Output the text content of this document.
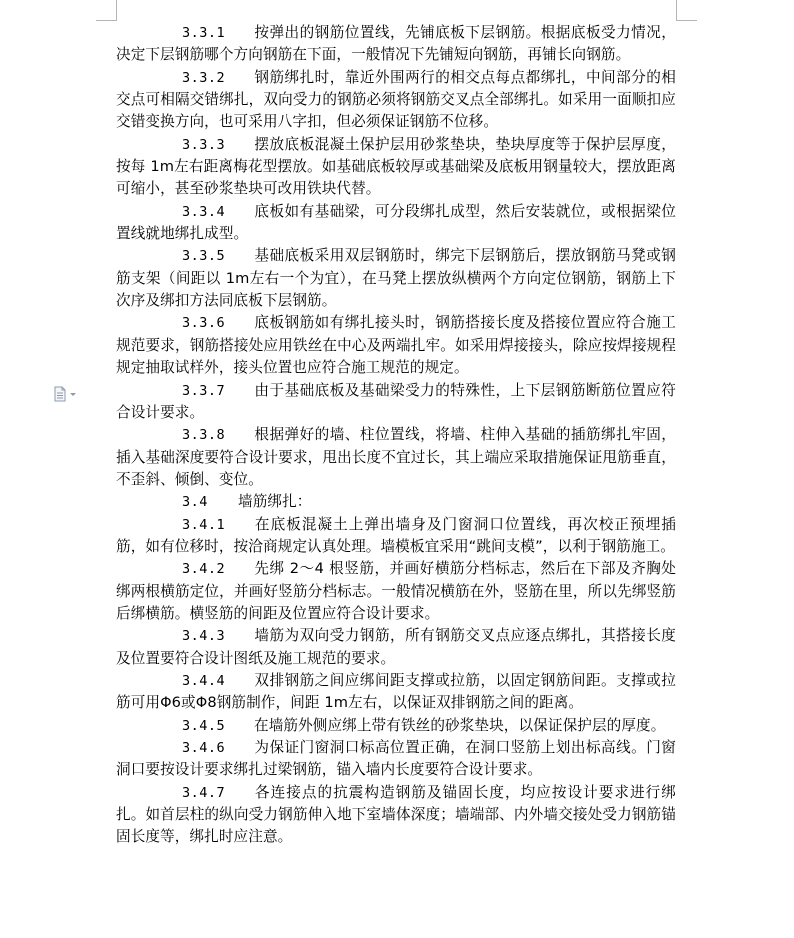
3.3.1 按弹出的钢筋位置线，先铺底板下层钢筋。根据底板受力情况，决定下层钢筋哪个方向钢筋在下面，一般情况下先铺短向钢筋，再铺长向钢筋。

3.3.2 钢筋绑扎时，靠近外围两行的相交点每点都绑扎，中间部分的相交点可相隔交错绑扎，双向受力的钢筋必须将钢筋交叉点全部绑扎。如采用一面顺扣应交错变换方向，也可采用八字扣，但必须保证钢筋不位移。

3.3.3 摆放底板混凝土保护层用砂浆垫块，垫块厚度等于保护层厚度，按每 1m左右距离梅花型摆放。如基础底板较厚或基础梁及底板用钢量较大，摆放距离可缩小，甚至砂浆垫块可改用铁块代替。

3.3.4 底板如有基础梁，可分段绑扎成型，然后安装就位，或根据梁位置线就地绑扎成型。

3.3.5 基础底板采用双层钢筋时，绑完下层钢筋后，摆放钢筋马凳或钢筋支架（间距以 1m左右一个为宜），在马凳上摆放纵横两个方向定位钢筋，钢筋上下次序及绑扣方法同底板下层钢筋。

3.3.6 底板钢筋如有绑扎接头时，钢筋搭接长度及搭接位置应符合施工规范要求，钢筋搭接处应用铁丝在中心及两端扎牢。如采用焊接接头，除应按焊接规程规定抽取试样外，接头位置也应符合施工规范的规定。

3.3.7 由于基础底板及基础梁受力的特殊性，上下层钢筋断筋位置应符合设计要求。

3.3.8 根据弹好的墙、柱位置线，将墙、柱伸入基础的插筋绑扎牢固，插入基础深度要符合设计要求，甩出长度不宜过长，其上端应采取措施保证甩筋垂直，不歪斜、倾倒、变位。

3.4 墙筋绑扎：

3.4.1 在底板混凝土上弹出墙身及门窗洞口位置线，再次校正预埋插筋，如有位移时，按洽商规定认真处理。墙模板宜采用“跳间支模”，以利于钢筋施工。

3.4.2 先绑 2～4 根竖筋，并画好横筋分档标志，然后在下部及齐胸处绑两根横筋定位，并画好竖筋分档标志。一般情况横筋在外，竖筋在里，所以先绑竖筋后绑横筋。横竖筋的间距及位置应符合设计要求。

3.4.3 墙筋为双向受力钢筋，所有钢筋交叉点应逐点绑扎，其搭接长度及位置要符合设计图纸及施工规范的要求。

3.4.4 双排钢筋之间应绑间距支撑或拉筋，以固定钢筋间距。支撑或拉筋可用Φ6或Φ8钢筋制作，间距 1m左右，以保证双排钢筋之间的距离。

3.4.5 在墙筋外侧应绑上带有铁丝的砂浆垫块，以保证保护层的厚度。

3.4.6 为保证门窗洞口标高位置正确，在洞口竖筋上划出标高线。门窗洞口要按设计要求绑扎过梁钢筋，锚入墙内长度要符合设计要求。

3.4.7 各连接点的抗震构造钢筋及锚固长度，均应按设计要求进行绑扎。如首层柱的纵向受力钢筋伸入地下室墙体深度；墙端部、内外墙交接处受力钢筋锚固长度等，绑扎时应注意。
